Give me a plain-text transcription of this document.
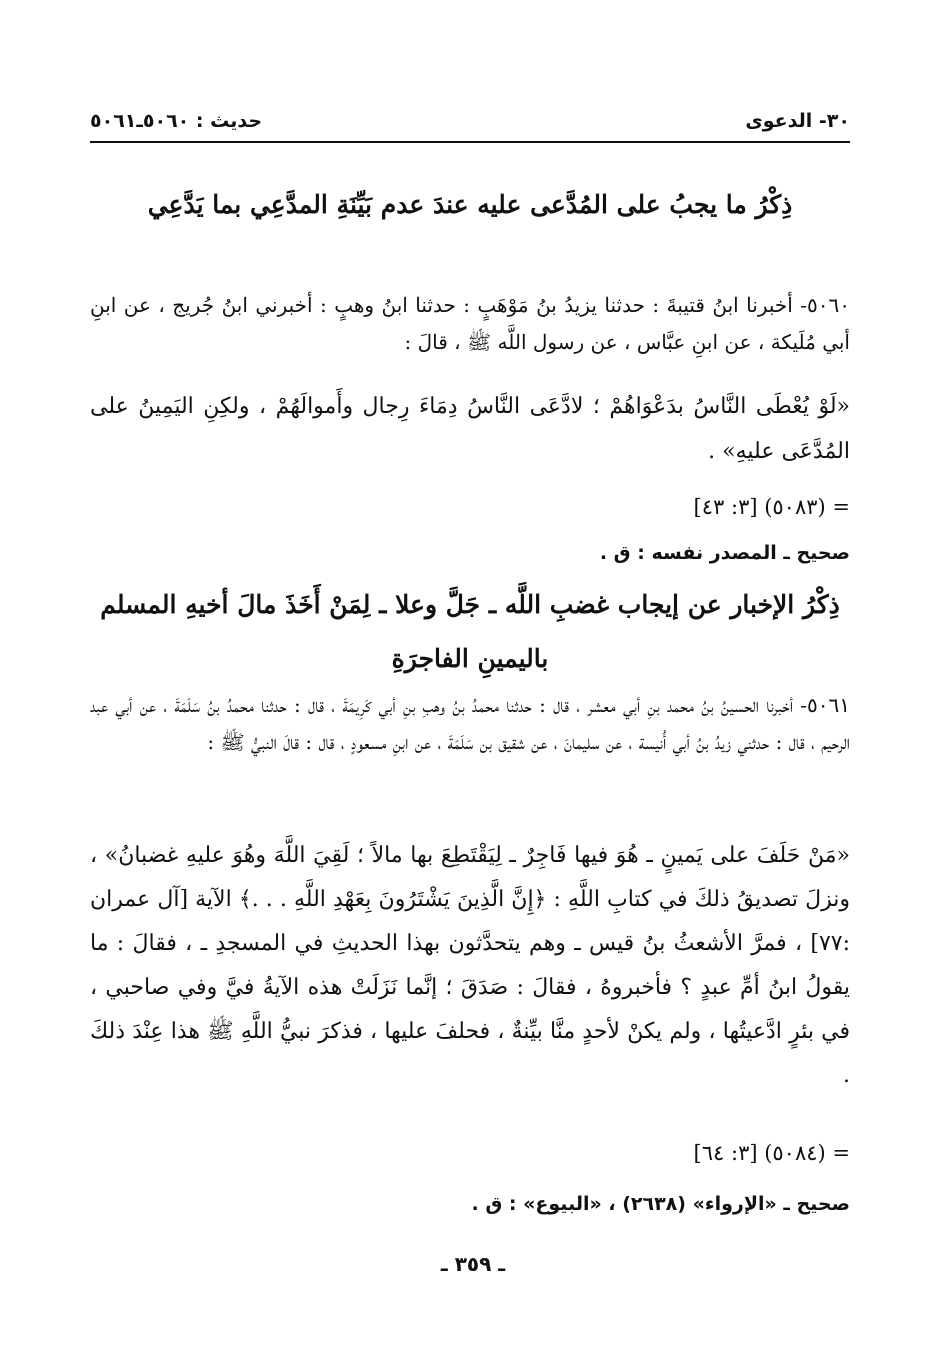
٣٠- الدعوى
حديث : ٥٠٦٠ـ٥٠٦١
ذِكْرُ ما يجبُ على المُدَّعى عليه عندَ عدم بَيِّنَةِ المدَّعِي بما يَدَّعِي
٥٠٦٠- أخبرنا ابنُ قتيبةَ : حدثنا يزيدُ بنُ مَوْهَبٍ : حدثنا ابنُ وهبٍ : أخبرني ابنُ جُريج ، عن ابنِ أبي مُلَيكة ، عن ابنِ عبَّاس ، عن رسول اللَّه ﷺ ، قالَ :
«لَوْ يُعْطَى النَّاسُ بدَعْوَاهُمْ ؛ لادَّعَى النَّاسُ دِمَاءَ رِجال وأَموالَهُمْ ، ولكِنِ اليَمِينُ على المُدَّعَى عليهِ» .
= (٥٠٨٣) [٣: ٤٣]
صحيح ـ المصدر نفسه : ق .
ذِكْرُ الإخبار عن إيجاب غضبِ اللَّه ـ جَلَّ وعلا ـ لِمَنْ أَخَذَ مالَ أخيهِ المسلم باليمينِ الفاجرَةِ
٥٠٦١- أخبرنا الحسينُ بنُ محمد بنِ أبي معشر ، قال : حدثنا محمدُ بنُ وهبِ بنِ أبي كَرِيمَةَ ، قال : حدثنا محمدُ بنُ سَلَمَةَ ، عن أبي عبد الرحيم ، قال : حدثني زيدُ بنُ أبي أُنيسة ، عن سليمانَ ، عن شقيق بن سَلَمَةَ ، عن ابنِ مسعودٍ ، قال : قالَ النبيُّ ﷺ :
«مَنْ حَلَفَ على يَمينٍ ـ هُوَ فيها فَاجِرٌ ـ لِيَقْتَطِعَ بها مالاً ؛ لَقِيَ اللَّهَ وهُوَ عليهِ غضبانُ» ، ونزلَ تصديقُ ذلكَ في كتابِ اللَّهِ : ﴿إِنَّ الَّذِينَ يَشْتَرُونَ بِعَهْدِ اللَّهِ . . .﴾ الآية [آل عمران :٧٧] ، فمرَّ الأشعثُ بنُ قيس ـ وهم يتحدَّثون بهذا الحديثِ في المسجدِ ـ ، فقالَ : ما يقولُ ابنُ أمِّ عبدٍ ؟ فأخبروهُ ، فقالَ : صَدَقَ ؛ إنَّما نَزَلَتْ هذه الآيةُ فيَّ وفي صاحبي ، في بئرٍ ادَّعيتُها ، ولم يكنْ لأحدٍ منَّا بيِّنةٌ ، فحلفَ عليها ، فذكرَ نبيُّ اللَّهِ ﷺ هذا عِنْدَ ذلكَ .
= (٥٠٨٤) [٣: ٦٤]
صحيح ـ «الإرواء» (٢٦٣٨) ، «البيوع» : ق .
ـ ٣٥٩ ـ
